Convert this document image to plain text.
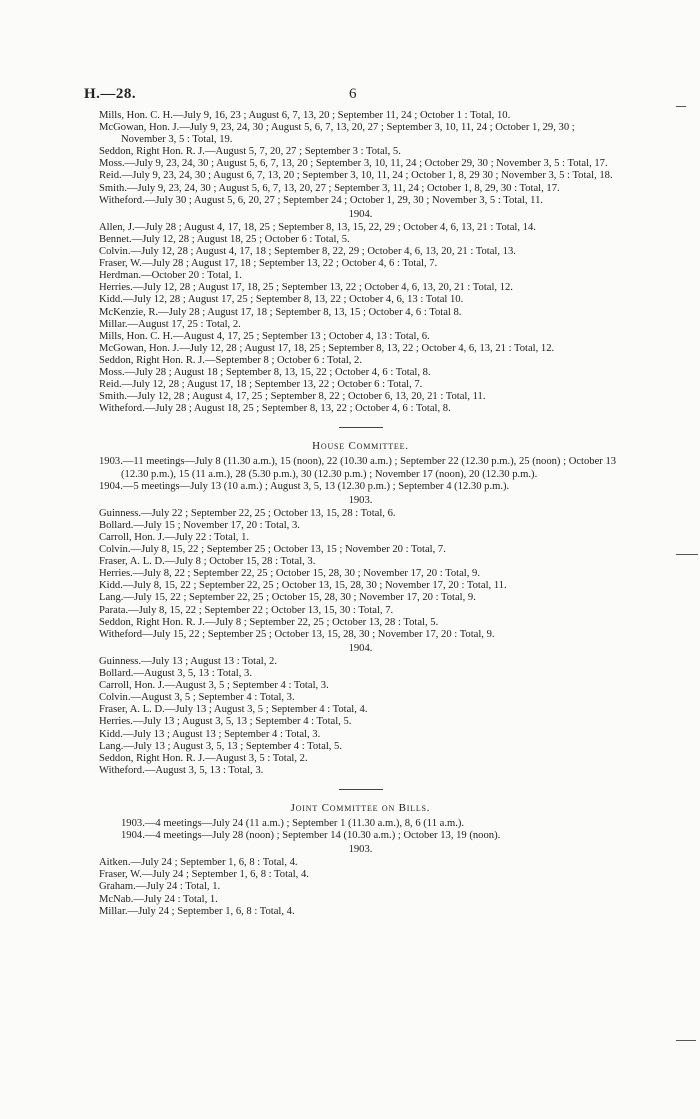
H.—28.	6

Mills, Hon. C. H.—July 9, 16, 23 ; August 6, 7, 13, 20 ; September 11, 24 ; October 1 : Total, 10.

McGowan, Hon. J.—July 9, 23, 24, 30 ; August 5, 6, 7, 13, 20, 27 ; September 3, 10, 11, 24 ; October 1, 29, 30 ; November 3, 5 : Total, 19.

Seddon, Right Hon. R. J.—August 5, 7, 20, 27 ; September 3 : Total, 5.

Moss.—July 9, 23, 24, 30 ; August 5, 6, 7, 13, 20 ; September 3, 10, 11, 24 ; October 29, 30 ; November 3, 5 : Total, 17.

Reid.—July 9, 23, 24, 30 ; August 6, 7, 13, 20 ; September 3, 10, 11, 24 ; October 1, 8, 29 30 ; November 3, 5 : Total, 18.

Smith.—July 9, 23, 24, 30 ; August 5, 6, 7, 13, 20, 27 ; September 3, 11, 24 ; October 1, 8, 29, 30 : Total, 17.

Witheford.—July 30 ; August 5, 6, 20, 27 ; September 24 ; October 1, 29, 30 ; November 3, 5 : Total, 11.

1904.

Allen, J.—July 28 ; August 4, 17, 18, 25 ; September 8, 13, 15, 22, 29 ; October 4, 6, 13, 21 : Total, 14.

Bennet.—July 12, 28 ; August 18, 25 ; October 6 : Total, 5.

Colvin.—July 12, 28 ; August 4, 17, 18 ; September 8, 22, 29 ; October 4, 6, 13, 20, 21 : Total, 13.

Fraser, W.—July 28 ; August 17, 18 ; September 13, 22 ; October 4, 6 : Total, 7.

Herdman.—October 20 : Total, 1.

Herries.—July 12, 28 ; August 17, 18, 25 ; September 13, 22 ; October 4, 6, 13, 20, 21 : Total, 12.

Kidd.—July 12, 28 ; August 17, 25 ; September 8, 13, 22 ; October 4, 6, 13 : Total 10.

McKenzie, R.—July 28 ; August 17, 18 ; September 8, 13, 15 ; October 4, 6 : Total 8.

Millar.—August 17, 25 : Total, 2.

Mills, Hon. C. H.—August 4, 17, 25 ; September 13 ; October 4, 13 : Total, 6.

McGowan, Hon. J.—July 12, 28 ; August 17, 18, 25 ; September 8, 13, 22 ; October 4, 6, 13, 21 : Total, 12.

Seddon, Right Hon. R. J.—September 8 ; October 6 : Total, 2.

Moss.—July 28 ; August 18 ; September 8, 13, 15, 22 ; October 4, 6 : Total, 8.

Reid.—July 12, 28 ; August 17, 18 ; September 13, 22 ; October 6 : Total, 7.

Smith.—July 12, 28 ; August 4, 17, 25 ; September 8, 22 ; October 6, 13, 20, 21 : Total, 11.

Witheford.—July 28 ; August 18, 25 ; September 8, 13, 22 ; October 4, 6 : Total, 8.

House Committee.

1903.—11 meetings—July 8 (11.30 a.m.), 15 (noon), 22 (10.30 a.m.) ; September 22 (12.30 p.m.), 25 (noon) ; October 13 (12.30 p.m.), 15 (11 a.m.), 28 (5.30 p.m.), 30 (12.30 p.m.) ; November 17 (noon), 20 (12.30 p.m.).

1904.—5 meetings—July 13 (10 a.m.) ; August 3, 5, 13 (12.30 p.m.) ; September 4 (12.30 p.m.).

1903.

Guinness.—July 22 ; September 22, 25 ; October 13, 15, 28 : Total, 6.

Bollard.—July 15 ; November 17, 20 : Total, 3.

Carroll, Hon. J.—July 22 : Total, 1.

Colvin.—July 8, 15, 22 ; September 25 ; October 13, 15 ; November 20 : Total, 7.

Fraser, A. L. D.—July 8 ; October 15, 28 : Total, 3.

Herries.—July 8, 22 ; September 22, 25 ; October 15, 28, 30 ; November 17, 20 : Total, 9.

Kidd.—July 8, 15, 22 ; September 22, 25 ; October 13, 15, 28, 30 ; November 17, 20 : Total, 11.

Lang.—July 15, 22 ; September 22, 25 ; October 15, 28, 30 ; November 17, 20 : Total, 9.

Parata.—July 8, 15, 22 ; September 22 ; October 13, 15, 30 : Total, 7.

Seddon, Right Hon. R. J.—July 8 ; September 22, 25 ; October 13, 28 : Total, 5.

Witheford—July 15, 22 ; September 25 ; October 13, 15, 28, 30 ; November 17, 20 : Total, 9.

1904.

Guinness.—July 13 ; August 13 : Total, 2.

Bollard.—August 3, 5, 13 : Total, 3.

Carroll, Hon. J.—August 3, 5 ; September 4 : Total, 3.

Colvin.—August 3, 5 ; September 4 : Total, 3.

Fraser, A. L. D.—July 13 ; August 3, 5 ; September 4 : Total, 4.

Herries.—July 13 ; August 3, 5, 13 ; September 4 : Total, 5.

Kidd.—July 13 ; August 13 ; September 4 : Total, 3.

Lang.—July 13 ; August 3, 5, 13 ; September 4 : Total, 5.

Seddon, Right Hon. R. J.—August 3, 5 : Total, 2.

Witheford.—August 3, 5, 13 : Total, 3.

Joint Committee on Bills.

1903.—4 meetings—July 24 (11 a.m.) ; September 1 (11.30 a.m.), 8, 6 (11 a.m.).

1904.—4 meetings—July 28 (noon) ; September 14 (10.30 a.m.) ; October 13, 19 (noon).

1903.

Aitken.—July 24 ; September 1, 6, 8 : Total, 4.

Fraser, W.—July 24 ; September 1, 6, 8 : Total, 4.

Graham.—July 24 : Total, 1.

McNab.—July 24 : Total, 1.

Millar.—July 24 ; September 1, 6, 8 : Total, 4.
